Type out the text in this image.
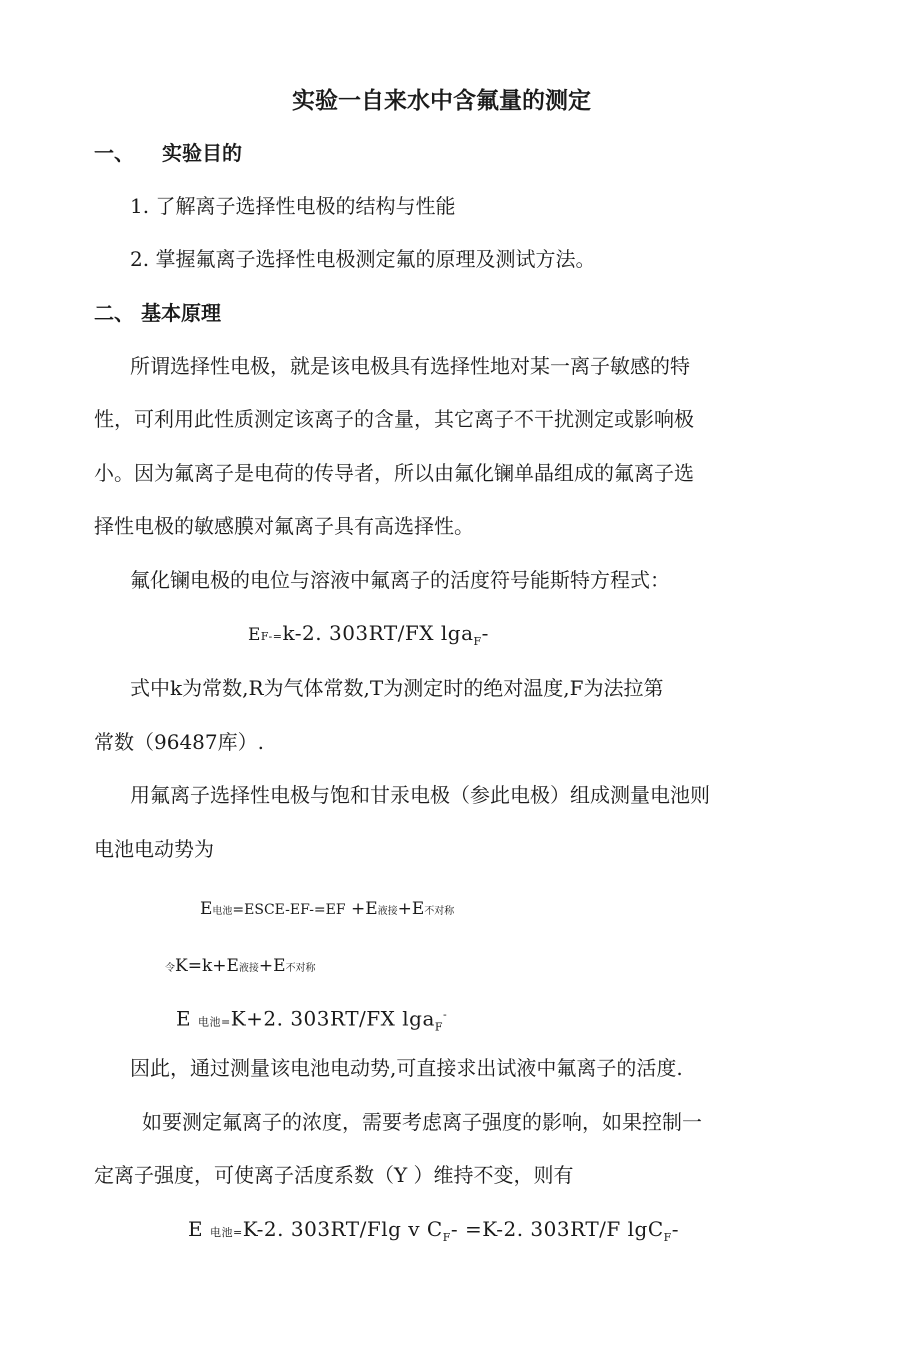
实验一自来水中含氟量的测定
一、 实验目的
1. 了解离子选择性电极的结构与性能
2. 掌握氟离子选择性电极测定氟的原理及测试方法。
二、 基本原理
所谓选择性电极，就是该电极具有选择性地对某一离子敏感的特
性，可利用此性质测定该离子的含量，其它离子不干扰测定或影响极
小。因为氟离子是电荷的传导者，所以由氟化镧单晶组成的氟离子选
择性电极的敏感膜对氟离子具有高选择性。
氟化镧电极的电位与溶液中氟离子的活度符号能斯特方程式：
EF-=k-2. 303RT/FX lga$_F$-
式中k为常数,R为气体常数,T为测定时的绝对温度,F为法拉第
常数（96487库）.
用氟离子选择性电极与饱和甘汞电极（参此电极）组成测量电池则
电池电动势为
E电池=ESCE-EF-=EF +E液接+E不对称
令K=k+E液接+E不对称
E 电池=K+2. 303RT/FX lga$_F$-
因此，通过测量该电池电动势,可直接求出试液中氟离子的活度.
如要测定氟离子的浓度，需要考虑离子强度的影响，如果控制一
定离子强度，可使离子活度系数（Y ）维持不变，则有
E 电池=K-2. 303RT/Flg v $C_F- =K-2$. 303RT/F lgC$_F$-
